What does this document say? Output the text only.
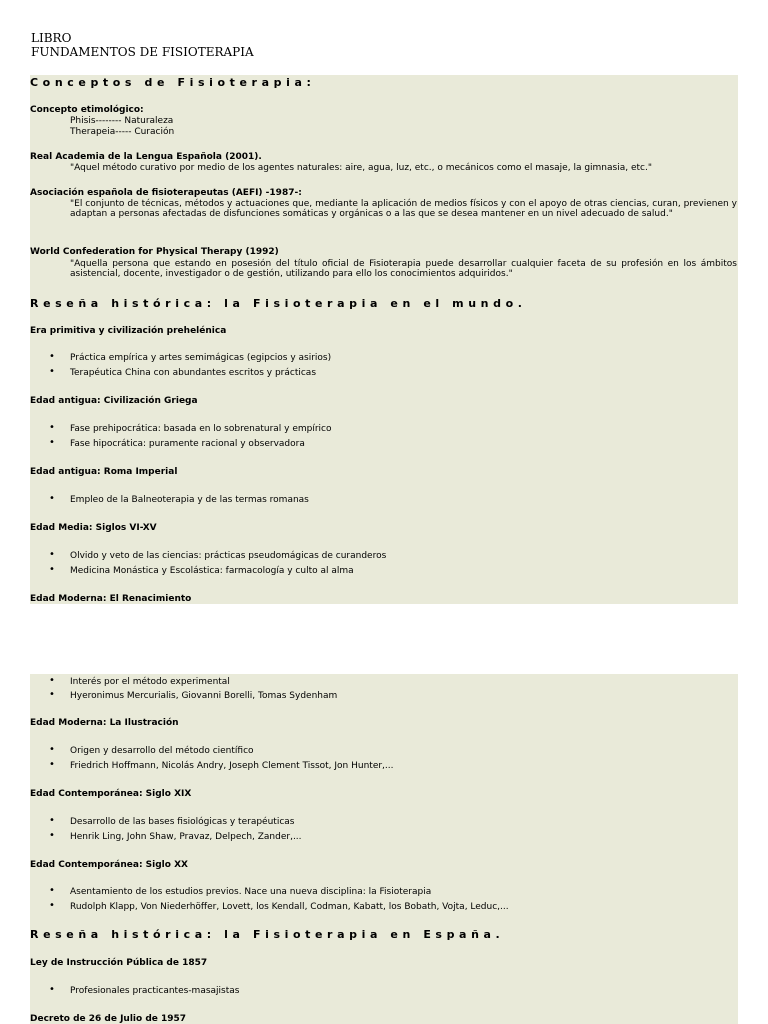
LIBRO
FUNDAMENTOS DE FISIOTERAPIA
Conceptos de Fisioterapia:
Concepto etimológico:
Phisis-------- Naturaleza
Therapeia----- Curación
Real Academia de la Lengua Española (2001).
"Aquel método curativo por medio de los agentes naturales: aire, agua, luz, etc., o mecánicos como el masaje, la gimnasia, etc."
Asociación española de fisioterapeutas (AEFI) -1987-:
"El conjunto de técnicas, métodos y actuaciones que, mediante la aplicación de medios físicos y con el apoyo de otras ciencias, curan, previenen y adaptan a personas afectadas de disfunciones somáticas y orgánicas o a las que se desea mantener en un nivel adecuado de salud."
World Confederation for Physical Therapy (1992)
"Aquella persona que estando en posesión del título oficial de Fisioterapia puede desarrollar cualquier faceta de su profesión en los ámbitos asistencial, docente, investigador o de gestión, utilizando para ello los conocimientos adquiridos."
Reseña histórica: la Fisioterapia en el mundo.
Era primitiva y civilización prehelénica
• Práctica empírica y artes semimágicas (egipcios y asirios)
• Terapéutica China con abundantes escritos y prácticas
Edad antigua: Civilización Griega
• Fase prehipocrática: basada en lo sobrenatural y empírico
• Fase hipocrática: puramente racional y observadora
Edad antigua: Roma Imperial
• Empleo de la Balneoterapia y de las termas romanas
Edad Media: Siglos VI-XV
• Olvido y veto de las ciencias: prácticas pseudomágicas de curanderos
• Medicina Monástica y Escolástica: farmacología y culto al alma
Edad Moderna: El Renacimiento
• Interés por el método experimental
• Hyeronimus Mercurialis, Giovanni Borelli, Tomas Sydenham
Edad Moderna: La Ilustración
• Origen y desarrollo del método científico
• Friedrich Hoffmann, Nicolás Andry, Joseph Clement Tissot, Jon Hunter,...
Edad Contemporánea: Siglo XIX
• Desarrollo de las bases fisiológicas y terapéuticas
• Henrik Ling, John Shaw, Pravaz, Delpech, Zander,...
Edad Contemporánea: Siglo XX
• Asentamiento de los estudios previos. Nace una nueva disciplina: la Fisioterapia
• Rudolph Klapp, Von Niederhöffer, Lovett, los Kendall, Codman, Kabatt, los Bobath, Vojta, Leduc,...
Reseña histórica: la Fisioterapia en España.
Ley de Instrucción Pública de 1857
• Profesionales practicantes-masajistas
Decreto de 26 de Julio de 1957
